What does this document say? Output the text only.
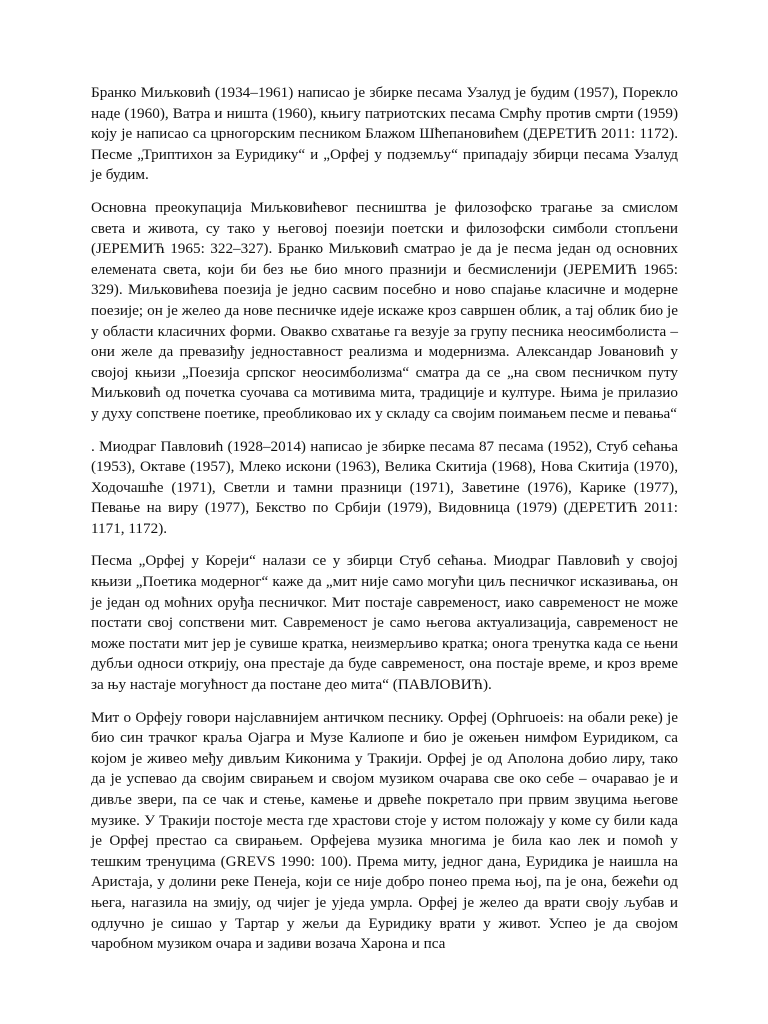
Бранко Миљковић (1934–1961) написао је збирке песама Узалуд је будим (1957), Порекло наде (1960), Ватра и ништа (1960), књигу патриотских песама Смрћу против смрти (1959) коју је написао са црногорским песником Блажом Шћепановићем (ДЕРЕТИЋ 2011: 1172). Песме „Триптихон за Еуридику“ и „Орфеј у подземљу“ припадају збирци песама Узалуд је будим.

Основна преокупација Миљковићевог песништва је филозофско трагање за смислом света и живота, су тако у његовој поезији поетски и филозофски симболи стопљени (ЈЕРЕМИЋ 1965: 322–327). Бранко Миљковић сматрао је да је песма један од основних елемената света, који би без ње био много празнији и бесмисленији (ЈЕРЕМИЋ 1965: 329). Миљковићева поезија је једно сасвим посебно и ново спајање класичне и модерне поезије; он је желео да нове песничке идеје искаже кроз савршен облик, а тај облик био је у области класичних форми. Овакво схватање га везује за групу песника неосимболиста – они желе да превазиђу једноставност реализма и модернизма. Александар Јовановић у својој књизи „Поезија српског неосимболизма“ сматра да се „на свом песничком путу Миљковић од почетка суочава са мотивима мита, традиције и културе. Њима је прилазио у духу сопствене поетике, преобликовао их у складу са својим поимањем песме и певања“

. Миодраг Павловић (1928–2014) написао је збирке песама 87 песама (1952), Стуб сећања (1953), Октаве (1957), Млеко искони (1963), Велика Скитија (1968), Нова Скитија (1970), Ходочашће (1971), Светли и тамни празници (1971), Заветине (1976), Карике (1977), Певање на виру (1977), Бекство по Србији (1979), Видовница (1979) (ДЕРЕТИЋ 2011: 1171, 1172).

Песма „Орфеј у Кореји“ налази се у збирци Стуб сећања. Миодраг Павловић у својој књизи „Поетика модерног“ каже да „мит није само могући циљ песничког исказивања, он је један од моћних оруђа песничког. Мит постаје савременост, иако савременост не може постати свој сопствени мит. Савременост је само његова актуализација, савременост не може постати мит јер је сувише кратка, неизмерљиво кратка; онога тренутка када се њени дубљи односи открију, она престаје да буде савременост, она постаје време, и кроз време за њу настаје могућност да постане део мита“ (ПАВЛОВИЋ).

Мит о Орфеју говори најславнијем античком песнику. Орфеј (Ophruoeis: на обали реке) је био син трачког краља Ојагра и Музе Калиопе и био је ожењен нимфом Еуридиком, са којом је живео међу дивљим Киконима у Тракији. Орфеј је од Аполона добио лиру, тако да је успевао да својим свирањем и својом музиком очарава све око себе – очаравао је и дивље звери, па се чак и стење, камење и дрвеће покретало при првим звуцима његове музике. У Тракији постоје места где храстови стоје у истом положају у коме су били када је Орфеј престао са свирањем. Орфејева музика многима је била као лек и помоћ у тешким тренуцима (GREVS 1990: 100). Према миту, једног дана, Еуридика је наишла на Аристаја, у долини реке Пенеја, који се није добро понео према њој, па је она, бежећи од њега, нагазила на змију, од чијег је уједа умрла. Орфеј је желео да врати своју љубав и одлучно је сишао у Тартар у жељи да Еуридику врати у живот. Успео је да својом чаробном музиком очара и задиви возача Харона и пса
